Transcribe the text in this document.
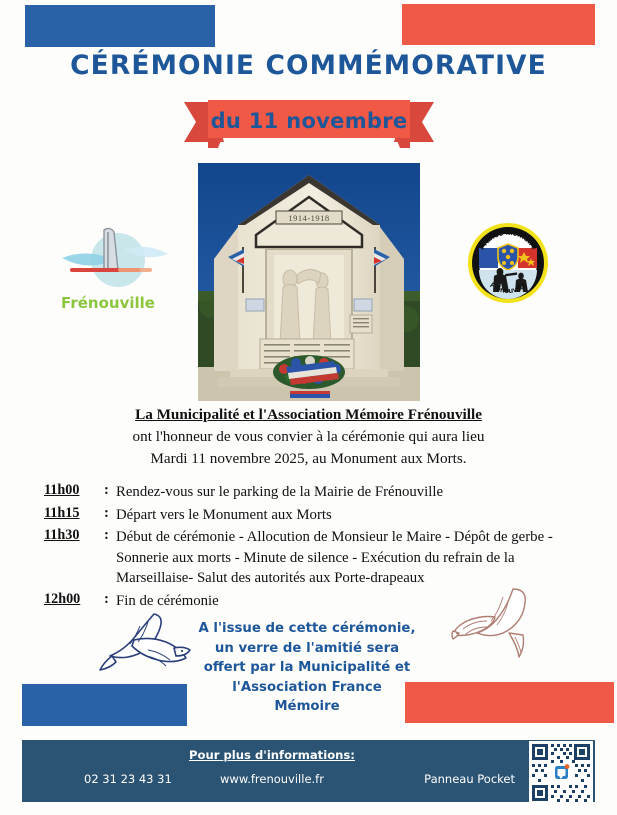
CÉRÉMONIE COMMÉMORATIVE
du 11 novembre
1914-1918
Frénouville
France Mémoire
Frénouville
La Municipalité et l'Association Mémoire Frénouville
ont l'honneur de vous convier à la cérémonie qui aura lieu
Mardi 11 novembre 2025, au Monument aux Morts.
11h00	: Rendez-vous sur le parking de la Mairie de Frénouville
11h15	: Départ vers le Monument aux Morts
11h30	: Début de cérémonie - Allocution de Monsieur le Maire - Dépôt de gerbe - Sonnerie aux morts - Minute de silence - Exécution du refrain de la Marseillaise- Salut des autorités aux Porte-drapeaux
12h00	: Fin de cérémonie
A l'issue de cette cérémonie,
un verre de l'amitié sera
offert par la Municipalité et
l'Association France
Mémoire
Pour plus d'informations:
02 31 23 43 31	www.frenouville.fr	Panneau Pocket
